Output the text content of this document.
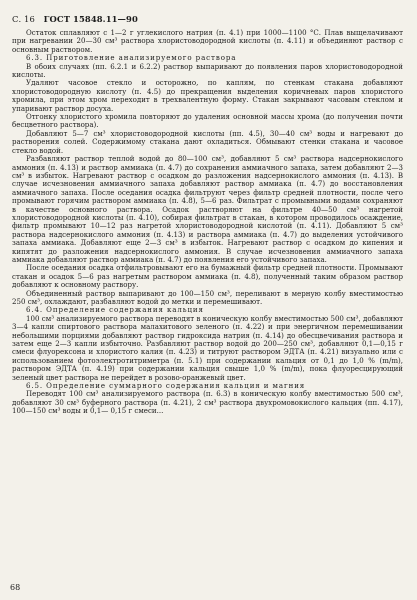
С. 16 ГОСТ 15848.11—90

Остаток сплавляют с 1—2 г углекислого натрия (п. 4.1) при 1000—1100 °С. Плав выщелачивают при нагревании 20—30 см³ раствора хлористоводородной кислоты (п. 4.11) и объединяют раствор с основным раствором.

6.3. Приготовление анализируемого раствора

В обоих случаях (пп. 6.2.1 и 6.2.2) раствор выпаривают до появления паров хлористоводородной кислоты.

Удаляют часовое стекло и осторожно, по каплям, по стенкам стакана добавляют хлористоводородную кислоту (п. 4.5) до прекращения выделения коричневых паров хлористого хромила, при этом хром переходит в трехвалентную форму. Стакан закрывают часовым стеклом и упаривают раствор досуха.

Отгонку хлористого хромила повторяют до удаления основной массы хрома (до получения почти бесцветного раствора).

Добавляют 5—7 см³ хлористоводородной кислоты (пп. 4.5), 30—40 см³ воды и нагревают до растворения солей. Содержимому стакана дают охладиться. Обмывают стенки стакана и часовое стекло водой.

Разбавляют раствор теплой водой до 80—100 см³, добавляют 5 см³ раствора надсернокислого аммония (п. 4.13) и раствор аммиака (п. 4.7) до сохранения аммиачного запаха, затем добавляют 2—3 см³ в избыток. Нагревают раствор с осадком до разложения надсернокислого аммония (п. 4.13). В случае исчезновения аммиачного запаха добавляют раствор аммиака (п. 4.7) до восстановления аммиачного запаха. После оседания осадка фильтруют через фильтр средней плотности, после чего промывают горячим раствором аммиака (п. 4.8), 5—6 раз. Фильтрат с промывными водами сохраняют в качестве основного раствора. Осадок растворяют на фильтре 40—50 см³ нагретой хлористоводородной кислоты (п. 4.10), собирая фильтрат в стакан, в котором проводилось осаждение, фильтр промывают 10—12 раз нагретой хлористоводородной кислотой (п. 4.11). Добавляют 5 см³ раствора надсернокислого аммония (п. 4.13) и раствора аммиака (п. 4.7) до выделения устойчивого запаха аммиака. Добавляют еще 2—3 см³ в избыток. Нагревают раствор с осадком до кипения и кипятят до разложения надсернокислого аммония. В случае исчезновения аммиачного запаха аммиака добавляют раствор аммиака (п. 4.7) до появления его устойчивого запаха.

После оседания осадка отфильтровывают его на бумажный фильтр средней плотности. Промывают стакан и осадок 5—6 раз нагретым раствором аммиака (п. 4.8), полученный таким образом раствор добавляют к основному раствору.

Объединенный раствор выпаривают до 100—150 см³, переливают в мерную колбу вместимостью 250 см³, охлаждают, разбавляют водой до метки и перемешивают.

6.4. Определение содержания кальция

100 см³ анализируемого раствора переводят в коническую колбу вместимостью 500 см³, добавляют 3—4 капли спиртового раствора малахитового зеленого (п. 4.22) и при энергичном перемешивании небольшими порциями добавляют раствор гидроксида натрия (п. 4.14) до обесцвечивания раствора и затем еще 2—3 капли избыточно. Разбавляют раствор водой до 200—250 см³, добавляют 0,1—0,15 г смеси флуорексона и хлористого калия (п. 4.23) и титруют раствором ЭДТА (п. 4.21) визуально или с использованием фотоэлектротитриметра (п. 5.1) при содержании кальция от 0,1 до 1,0 % (m/m), раствором ЭДТА (п. 4.19) при содержании кальция свыше 1,0 % (m/m), пока флуоресцирующий зеленый цвет раствора не перейдет в розово-оранжевый цвет.

6.5. Определение суммарного содержания кальция и магния

Переводят 100 см³ анализируемого раствора (п. 6.3) в коническую колбу вместимостью 500 см³, добавляют 30 см³ буферного раствора (п. 4.21), 2 см³ раствора двухромовокислого кальция (пп. 4.17), 100—150 см³ воды и 0,1— 0,15 г смеси...

68
